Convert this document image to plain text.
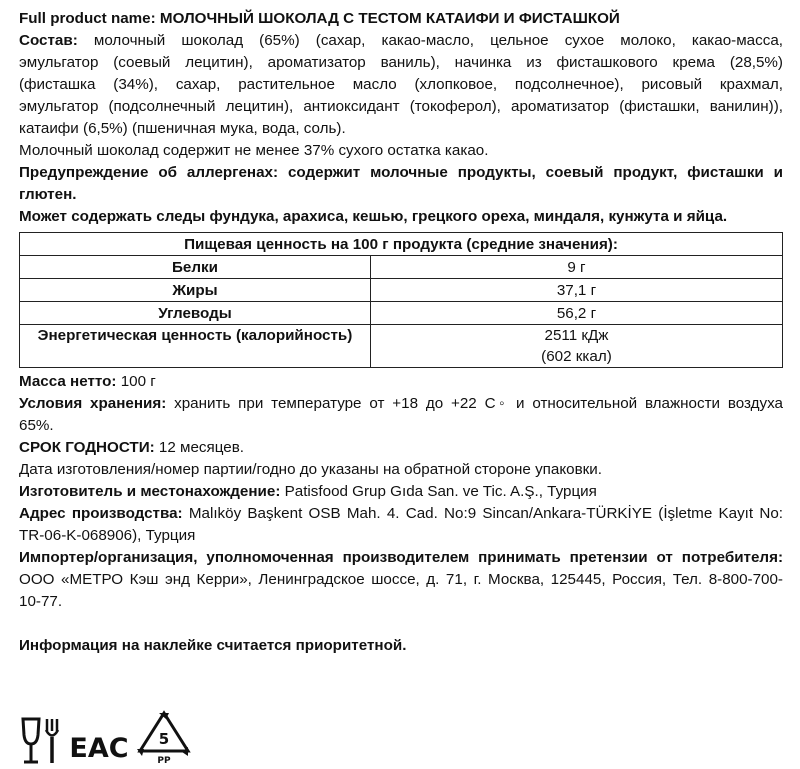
Full product name: МОЛОЧНЫЙ ШОКОЛАД С ТЕСТОМ КАТАИФИ И ФИСТАШКОЙ
Состав: молочный шоколад (65%) (сахар, какао-масло, цельное сухое молоко, какао-масса,
эмульгатор (соевый лецитин), ароматизатор ваниль), начинка из фисташкового крема (28,5%)
(фисташка (34%), сахар, растительное масло (хлопковое, подсолнечное), рисовый крахмал,
эмульгатор (подсолнечный лецитин), антиоксидант (токоферол), ароматизатор (фисташки, ванилин)),
катаифи (6,5%) (пшеничная мука, вода, соль).
Молочный шоколад содержит не менее 37% сухого остатка какао.
Предупреждение об аллергенах: содержит молочные продукты, соевый продукт, фисташки и
глютен.
Может содержать следы фундука, арахиса, кешью, грецкого ореха, миндаля, кунжута и яйца.
Пищевая ценность на 100 г продукта (средние значения):	
Белки	9 г
Жиры	37,1 г
Углеводы	56,2 г
Энергетическая ценность (калорийность)	2511 кДж
(602 ккал)
Масса нетто: 100 г
Условия хранения: хранить при температуре от +18 до +22 С◦ и относительной влажности воздуха
65%.
СРОК ГОДНОСТИ: 12 месяцев.
Дата изготовления/номер партии/годно до указаны на обратной стороне упаковки.
Изготовитель и местонахождение: Patisfood Grup Gıda San. ve Tic. A.Ş., Турция
Адрес производства: Malıköy Başkent OSB Mah. 4. Cad. No:9 Sincan/Ankara-TÜRKİYE (İşletme Kayıt No:
TR-06-K-068906), Турция
Импортер/организация, уполномоченная производителем принимать претензии от потребителя:
ООО «МЕТРО Кэш энд Керри», Ленинградское шоссе, д. 71, г. Москва, 125445, Россия, Тел. 8-800-700-
10-77.
Информация на наклейке считается приоритетной.
EAC 5
PP
